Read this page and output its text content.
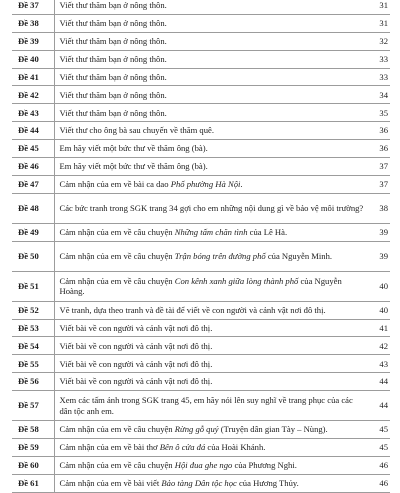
Đề 37	Viết thư thăm bạn ở nông thôn.	31
Đề 38	Viết thư thăm bạn ở nông thôn.	31
Đề 39	Viết thư thăm bạn ở nông thôn.	32
Đề 40	Viết thư thăm bạn ở nông thôn.	33
Đề 41	Viết thư thăm bạn ở nông thôn.	33
Đề 42	Viết thư thăm bạn ở nông thôn.	34
Đề 43	Viết thư thăm bạn ở nông thôn.	35
Đề 44	Viết thư cho ông bà sau chuyến về thăm quê.	36
Đề 45	Em hãy viết một bức thư về thăm ông (bà).	36
Đề 46	Em hãy viết một bức thư về thăm ông (bà).	37
Đề 47	Cảm nhận của em về bài ca dao Phố phường Hà Nội.	37
Đề 48	Các bức tranh trong SGK trang 34 gợi cho em những nội dung gì về bảo vệ môi trường?	38
Đề 49	Cảm nhận của em về câu chuyện Những tấm chăn tình của Lê Hà.	39
Đề 50	Cảm nhận của em về câu chuyện Trận bóng trên đường phố của Nguyễn Minh.	39
Đề 51	Cảm nhận của em về câu chuyện Con kênh xanh giữa lòng thành phố của Nguyễn Hoàng.	40
Đề 52	Vẽ tranh, dựa theo tranh và đề tài để viết về con người và cảnh vật nơi đô thị.	40
Đề 53	Viết bài về con người và cảnh vật nơi đô thị.	41
Đề 54	Viết bài về con người và cảnh vật nơi đô thị.	42
Đề 55	Viết bài về con người và cảnh vật nơi đô thị.	43
Đề 56	Viết bài về con người và cảnh vật nơi đô thị.	44
Đề 57	Xem các tấm ảnh trong SGK trang 45, em hãy nói lên suy nghĩ về trang phục của các dân tộc anh em.	44
Đề 58	Cảm nhận của em về câu chuyện Rừng gỗ quý (Truyện dân gian Tày – Nùng).	45
Đề 59	Cảm nhận của em về bài thơ Bên ô cửa đá của Hoài Khánh.	45
Đề 60	Cảm nhận của em về câu chuyện Hội đua ghe ngo của Phương Nghi.	46
Đề 61	Cảm nhận của em về bài viết Bảo tàng Dân tộc học của Hương Thủy.	46
